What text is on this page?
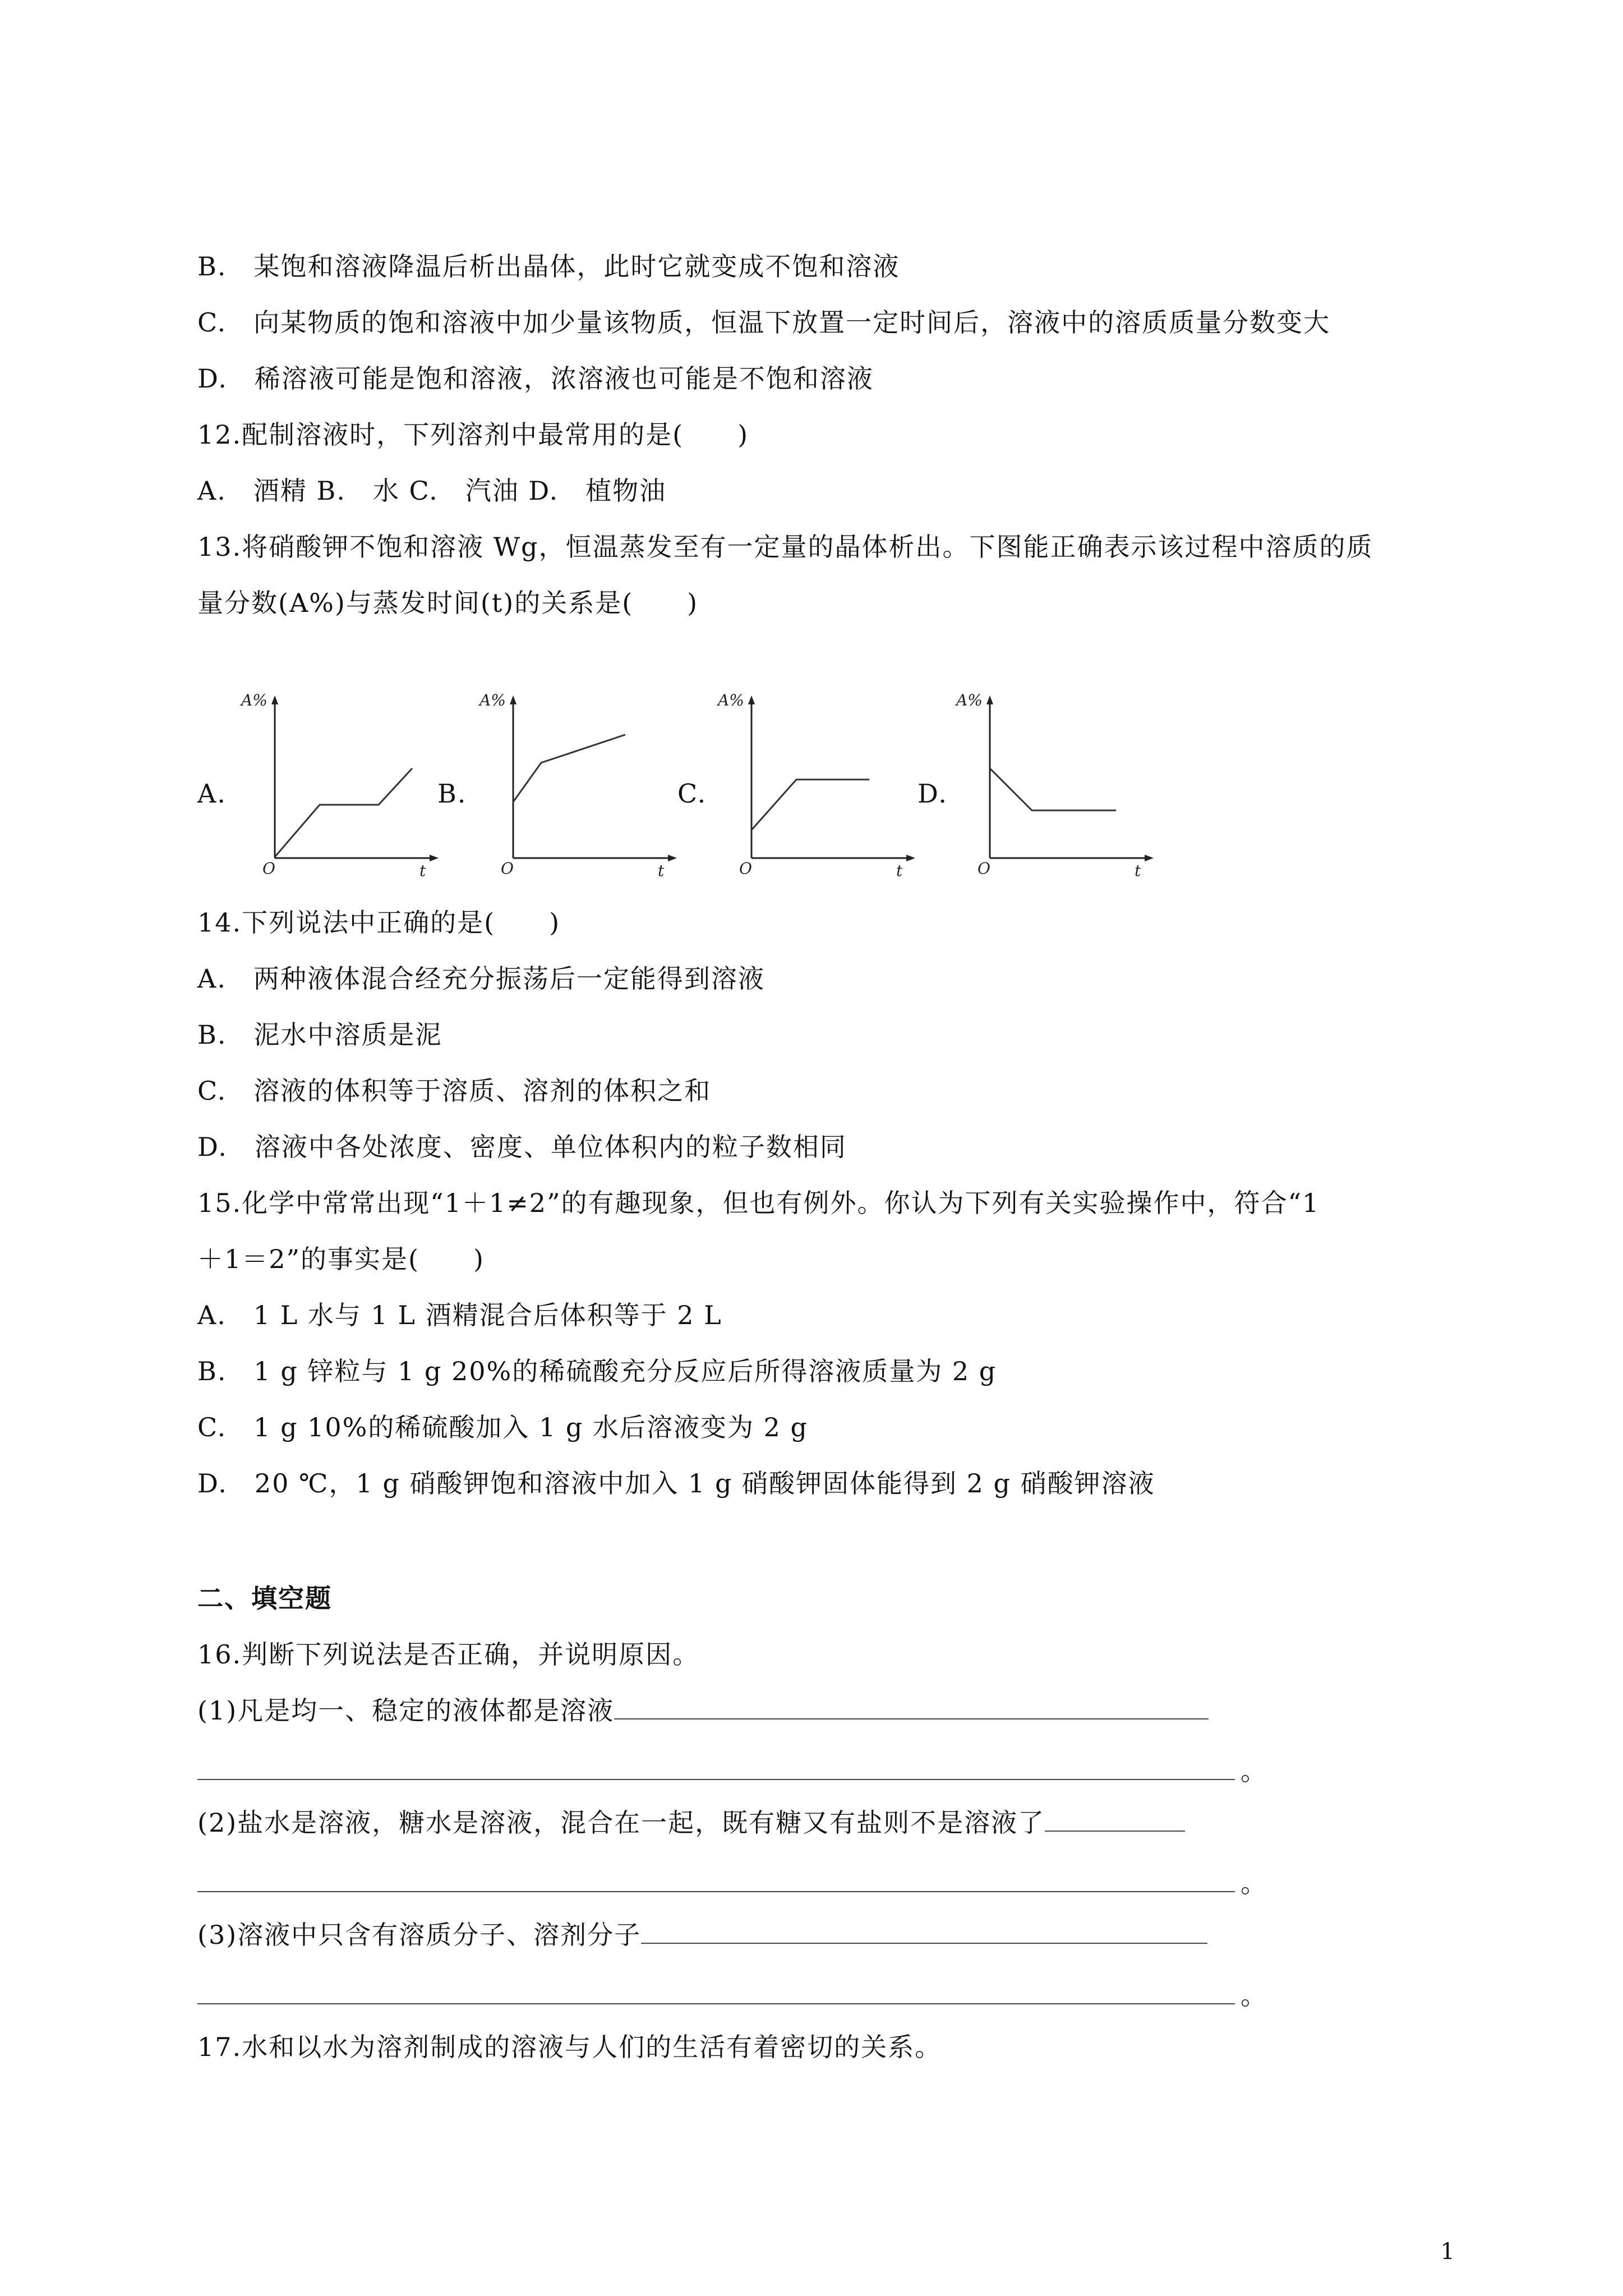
B.　某饱和溶液降温后析出晶体，此时它就变成不饱和溶液
C.　向某物质的饱和溶液中加少量该物质，恒温下放置一定时间后，溶液中的溶质质量分数变大
D.　稀溶液可能是饱和溶液，浓溶液也可能是不饱和溶液
12.配制溶液时，下列溶剂中最常用的是(　　)
A.　酒精 B.　水 C.　汽油 D.　植物油
13.将硝酸钾不饱和溶液 Wg，恒温蒸发至有一定量的晶体析出。下图能正确表示该过程中溶质的质
量分数(A%)与蒸发时间(t)的关系是(　　)
A.	B.	C.	D.
A%
O	t
A%
O	t
A%
O	t
A%
O	t
14.下列说法中正确的是(　　)
A.　两种液体混合经充分振荡后一定能得到溶液
B.　泥水中溶质是泥
C.　溶液的体积等于溶质、溶剂的体积之和
D.　溶液中各处浓度、密度、单位体积内的粒子数相同
15.化学中常常出现“1＋1≠2”的有趣现象，但也有例外。你认为下列有关实验操作中，符合“1
＋1＝2”的事实是(　　)
A.　1 L 水与 1 L 酒精混合后体积等于 2 L
B.　1 g 锌粒与 1 g 20%的稀硫酸充分反应后所得溶液质量为 2 g
C.　1 g 10%的稀硫酸加入 1 g 水后溶液变为 2 g
D.　20 ℃，1 g 硝酸钾饱和溶液中加入 1 g 硝酸钾固体能得到 2 g 硝酸钾溶液
二、填空题
16.判断下列说法是否正确，并说明原因。
(1)凡是均一、稳定的液体都是溶液
。
(2)盐水是溶液，糖水是溶液，混合在一起，既有糖又有盐则不是溶液了
。
(3)溶液中只含有溶质分子、溶剂分子
。
17.水和以水为溶剂制成的溶液与人们的生活有着密切的关系。
1
